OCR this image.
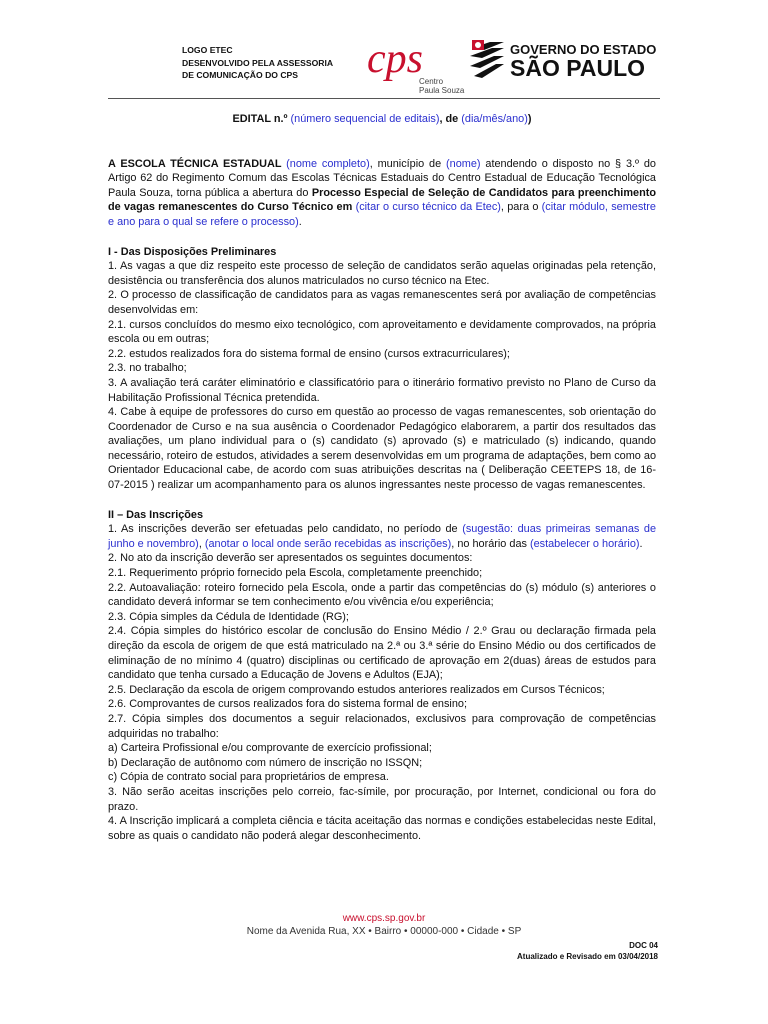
LOGO ETEC
DESENVOLVIDO PELA ASSESSORIA
DE COMUNICAÇÃO DO CPS	cps
Centro
Paula Souza
GOVERNO DO ESTADO
SÃO PAULO

EDITAL n.º (número sequencial de editais), de (dia/mês/ano))

A ESCOLA TÉCNICA ESTADUAL (nome completo), município de (nome) atendendo o disposto no § 3.º do Artigo 62 do Regimento Comum das Escolas Técnicas Estaduais do Centro Estadual de Educação Tecnológica Paula Souza, torna pública a abertura do Processo Especial de Seleção de Candidatos para preenchimento de vagas remanescentes do Curso Técnico em (citar o curso técnico da Etec), para o (citar módulo, semestre e ano para o qual se refere o processo).

I - Das Disposições Preliminares

1. As vagas a que diz respeito este processo de seleção de candidatos serão aquelas originadas pela retenção, desistência ou transferência dos alunos matriculados no curso técnico na Etec.

2. O processo de classificação de candidatos para as vagas remanescentes será por avaliação de competências desenvolvidas em:

2.1. cursos concluídos do mesmo eixo tecnológico, com aproveitamento e devidamente comprovados, na própria escola ou em outras;

2.2. estudos realizados fora do sistema formal de ensino (cursos extracurriculares);

2.3. no trabalho;

3. A avaliação terá caráter eliminatório e classificatório para o itinerário formativo previsto no Plano de Curso da Habilitação Profissional Técnica pretendida.

4. Cabe à equipe de professores do curso em questão ao processo de vagas remanescentes, sob orientação do Coordenador de Curso e na sua ausência o Coordenador Pedagógico elaborarem, a partir dos resultados das avaliações, um plano individual para o (s) candidato (s) aprovado (s) e matriculado (s) indicando, quando necessário, roteiro de estudos, atividades a serem desenvolvidas em um programa de adaptações, bem como ao Orientador Educacional cabe, de acordo com suas atribuições descritas na ( Deliberação CEETEPS 18, de 16-07-2015 ) realizar um acompanhamento para os alunos ingressantes neste processo de vagas remanescentes.

II – Das Inscrições

1. As inscrições deverão ser efetuadas pelo candidato, no período de (sugestão: duas primeiras semanas de junho e novembro), (anotar o local onde serão recebidas as inscrições), no horário das (estabelecer o horário).

2. No ato da inscrição deverão ser apresentados os seguintes documentos:

2.1. Requerimento próprio fornecido pela Escola, completamente preenchido;

2.2. Autoavaliação: roteiro fornecido pela Escola, onde a partir das competências do (s) módulo (s) anteriores o candidato deverá informar se tem conhecimento e/ou vivência e/ou experiência;

2.3. Cópia simples da Cédula de Identidade (RG);

2.4. Cópia simples do histórico escolar de conclusão do Ensino Médio / 2.º Grau ou declaração firmada pela direção da escola de origem de que está matriculado na 2.ª ou 3.ª série do Ensino Médio ou dos certificados de eliminação de no mínimo 4 (quatro) disciplinas ou certificado de aprovação em 2(duas) áreas de estudos para candidato que tenha cursado a Educação de Jovens e Adultos (EJA);

2.5. Declaração da escola de origem comprovando estudos anteriores realizados em Cursos Técnicos;

2.6. Comprovantes de cursos realizados fora do sistema formal de ensino;

2.7. Cópia simples dos documentos a seguir relacionados, exclusivos para comprovação de competências adquiridas no trabalho:

a) Carteira Profissional e/ou comprovante de exercício profissional;

b) Declaração de autônomo com número de inscrição no ISSQN;

c) Cópia de contrato social para proprietários de empresa.

3. Não serão aceitas inscrições pelo correio, fac-símile, por procuração, por Internet, condicional ou fora do prazo.

4. A Inscrição implicará a completa ciência e tácita aceitação das normas e condições estabelecidas neste Edital, sobre as quais o candidato não poderá alegar desconhecimento.

www.cps.sp.gov.br
Nome da Avenida Rua, XX • Bairro • 00000-000 • Cidade • SP
DOC 04
Atualizado e Revisado em 03/04/2018
